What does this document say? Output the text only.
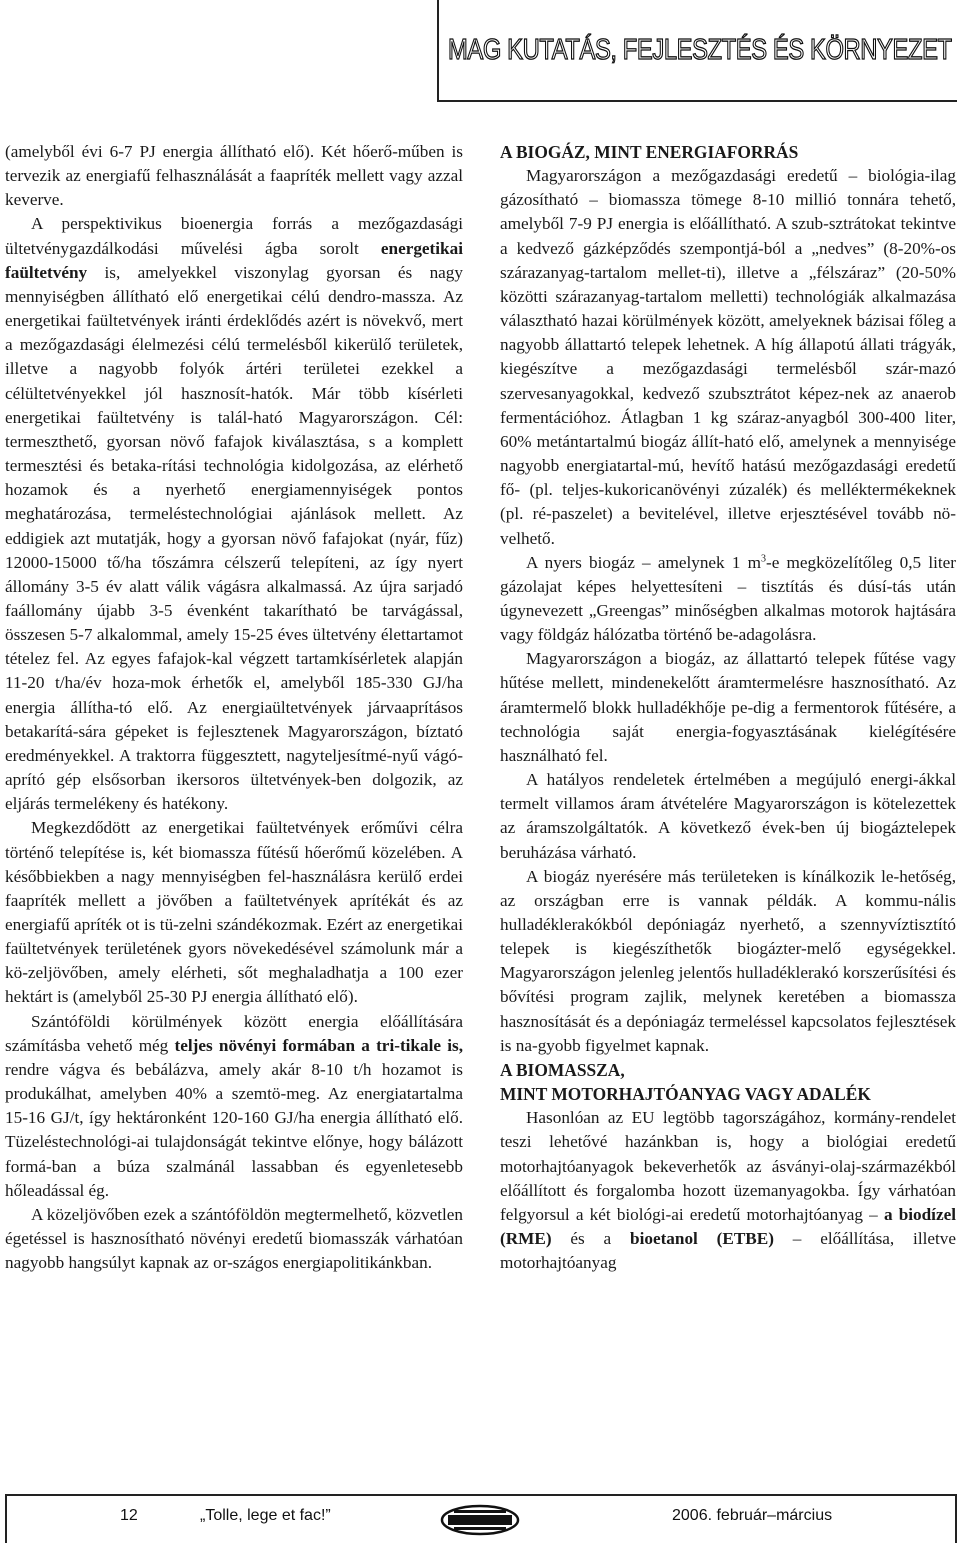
MAG KUTATÁS, FEJLESZTÉS ÉS KÖRNYEZET

(amelyből évi 6-7 PJ energia állítható elő). Két hőerő-műben is tervezik az energiafű felhasználását a faapríték mellett vagy azzal keverve.

A perspektivikus bioenergia forrás a mezőgazdasági ültetvénygazdálkodási művelési ágba sorolt energetikai faültetvény is, amelyekkel viszonylag gyorsan és nagy mennyiségben állítható elő energetikai célú dendro-massza. Az energetikai faültetvények iránti érdeklődés azért is növekvő, mert a mezőgazdasági élelmezési célú termelésből kikerülő területek, illetve a nagyobb folyók ártéri területei ezekkel a célültetvényekkel jól hasznosít-hatók. Már több kísérleti energetikai faültetvény is talál-ható Magyarországon. Cél: termeszthető, gyorsan növő fafajok kiválasztása, s a komplett termesztési és betaka-rítási technológia kidolgozása, az elérhető hozamok és a nyerhető energiamennyiségek pontos meghatározása, termeléstechnológiai ajánlások mellett. Az eddigiek azt mutatják, hogy a gyorsan növő fafajokat (nyár, fűz) 12000-15000 tő/ha tőszámra célszerű telepíteni, az így nyert állomány 3-5 év alatt válik vágásra alkalmassá. Az újra sarjadó faállomány újabb 3-5 évenként takarítható be tarvágással, összesen 5-7 alkalommal, amely 15-25 éves ültetvény élettartamot tételez fel. Az egyes fafajok-kal végzett tartamkísérletek alapján 11-20 t/ha/év hoza-mok érhetők el, amelyből 185-330 GJ/ha energia állítha-tó elő. Az energiaültetvények járvaaprításos betakarítá-sára gépeket is fejlesztenek Magyarországon, bíztató eredményekkel. A traktorra függesztett, nagyteljesítmé-nyű vágó-aprító gép elsősorban ikersoros ültetvények-ben dolgozik, az eljárás termelékeny és hatékony.

Megkezdődött az energetikai faültetvények erőművi célra történő telepítése is, két biomassza fűtésű hőerőmű közelében. A későbbiekben a nagy mennyiségben fel-használásra kerülő erdei faapríték mellett a jövőben a faültetvények aprítékát és az energiafű apríték ot is tü-zelni szándékozmak. Ezért az energetikai faültetvények területének gyors növekedésével számolunk már a kö-zeljövőben, amely elérheti, sőt meghaladhatja a 100 ezer hektárt is (amelyből 25-30 PJ energia állítható elő).

Szántóföldi körülmények között energia előállítására számításba vehető még teljes növényi formában a tri-tikale is, rendre vágva és bebálázva, amely akár 8-10 t/h hozamot is produkálhat, amelyben 40% a szemtö-meg. Az energiatartalma 15-16 GJ/t, így hektáronként 120-160 GJ/ha energia állítható elő. Tüzeléstechnológi-ai tulajdonságát tekintve előnye, hogy bálázott formá-ban a búza szalmánál lassabban és egyenletesebb hőleadással ég.

A közeljövőben ezek a szántóföldön megtermelhető, közvetlen égetéssel is hasznosítható növényi eredetű biomasszák várhatóan nagyobb hangsúlyt kapnak az or-szágos energiapolitikánkban.

A BIOGÁZ, MINT ENERGIAFORRÁS

Magyarországon a mezőgazdasági eredetű – biológia-ilag gázosítható – biomassza tömege 8-10 millió tonnára tehető, amelyből 7-9 PJ energia is előállítható. A szub-sztrátokat tekintve a kedvező gázképződés szempontjá-ból a „nedves” (8-20%-os szárazanyag-tartalom mellet-ti), illetve a „félszáraz” (20-50% közötti szárazanyag-tartalom melletti) technológiák alkalmazása választható hazai körülmények között, amelyeknek bázisai főleg a nagyobb állattartó telepek lehetnek. A híg állapotú állati trágyák, kiegészítve a mezőgazdasági termelésből szár-mazó szervesanyagokkal, kedvező szubsztrátot képez-nek az anaerob fermentációhoz. Átlagban 1 kg száraz-anyagból 300-400 liter, 60% metántartalmú biogáz állít-ható elő, amelynek a mennyisége nagyobb energiatartal-mú, hevítő hatású mezőgazdasági eredetű fő- (pl. teljes-kukoricanövényi zúzalék) és melléktermékeknek (pl. ré-paszelet) a bevitelével, illetve erjesztésével tovább nö-velhető.

A nyers biogáz – amelynek 1 $m^3-e$ megközelítőleg 0,5 liter gázolajat képes helyettesíteni – tisztítás és dúsí-tás után úgynevezett „Greengas” minőségben alkalmas motorok hajtására vagy földgáz hálózatba történő be-adagolásra.

Magyarországon a biogáz, az állattartó telepek fűtése vagy hűtése mellett, mindenekelőtt áramtermelésre hasznosítható. Az áramtermelő blokk hulladékhője pe-dig a fermentorok fűtésére, a technológia saját energia-fogyasztásának kielégítésére használható fel.

A hatályos rendeletek értelmében a megújuló energi-ákkal termelt villamos áram átvételére Magyarországon is kötelezettek az áramszolgáltatók. A következő évek-ben új biogáztelepek beruházása várható.

A biogáz nyerésére más területeken is kínálkozik le-hetőség, az országban erre is vannak példák. A kommu-nális hulladéklerakókból depóniagáz nyerhető, a szennyvíztisztító telepek is kiegészíthetők biogázter-melő egységekkel. Magyarországon jelenleg jelentős hulladéklerakó korszerűsítési és bővítési program zajlik, melynek keretében a biomassza hasznosítását és a depóniagáz termeléssel kapcsolatos fejlesztések is na-gyobb figyelmet kapnak.

A BIOMASSZA,
MINT MOTORHAJTÓANYAG VAGY ADALÉK

Hasonlóan az EU legtöbb tagországához, kormány-rendelet teszi lehetővé hazánkban is, hogy a biológiai eredetű motorhajtóanyagok bekeverhetők az ásványi-olaj-származékból előállított és forgalomba hozott üzemanyagokba. Így várhatóan felgyorsul a két biológi-ai eredetű motorhajtóanyag – a biodízel (RME) és a bioetanol (ETBE) – előállítása, illetve motorhajtóanyag

12	„Tolle, lege et fac!”	2006. február–március
